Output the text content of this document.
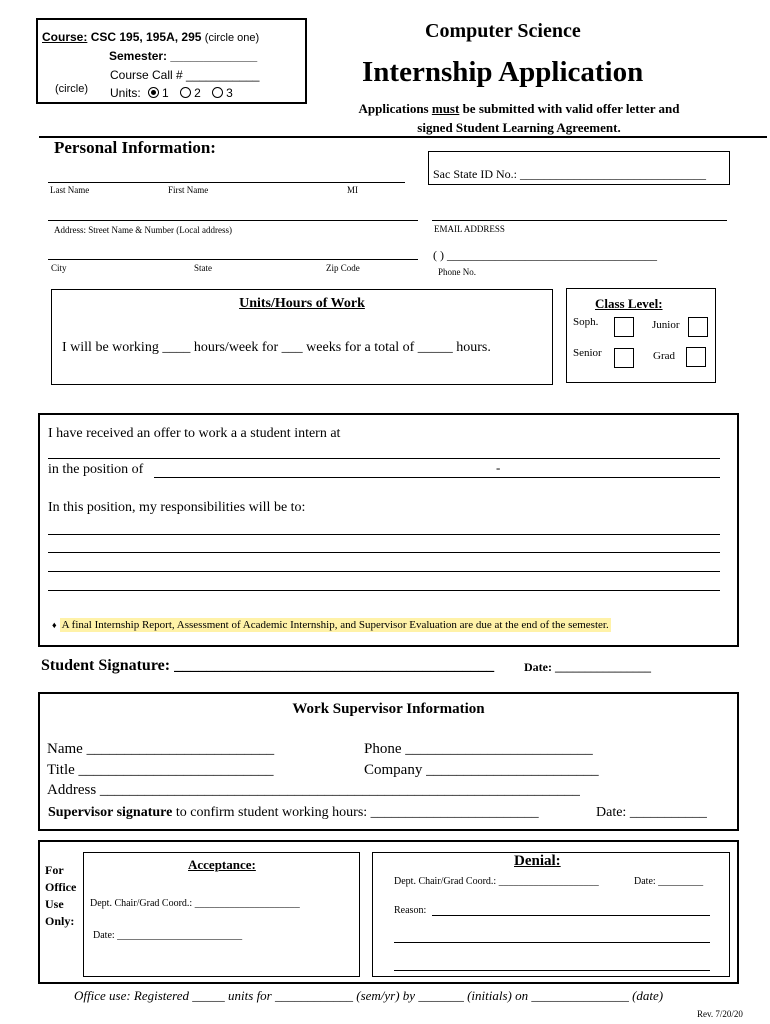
Course: CSC 195, 195A, 295 (circle one)
Semester: _____________
Course Call # ___________
(circle) Units: 1 2 3
Computer Science
Internship Application
Applications must be submitted with valid offer letter and
signed Student Learning Agreement.
Personal Information:
Sac State ID No.: _______________________________
Last Name	First Name	MI
Address: Street Name & Number (Local address)	EMAIL ADDRESS
City	State	Zip Code
( ) ___________________________________
Phone No.
Units/Hours of Work
I will be working ____ hours/week for ___ weeks for a total of _____ hours.
Class Level:
Soph.	Junior
Senior	Grad
I have received an offer to work a a student intern at
in the position of	-
In this position, my responsibilities will be to:
♦ A final Internship Report, Assessment of Academic Internship, and Supervisor Evaluation are due at the end of the semester.
Student Signature: ________________________________________ Date: ________________
Work Supervisor Information
Name _________________________	Phone _________________________
Title __________________________	Company _______________________
Address ________________________________________________________________
Supervisor signature to confirm student working hours: ________________________	Date: ___________
For
Office
Use
Only:
Acceptance:
Dept. Chair/Grad Coord.: _____________________
Date: _________________________
Denial:
Dept. Chair/Grad Coord.: ____________________	Date: _________
Reason:
Office use: Registered _____ units for ____________ (sem/yr) by _______ (initials) on _______________ (date)
Rev. 7/20/20
